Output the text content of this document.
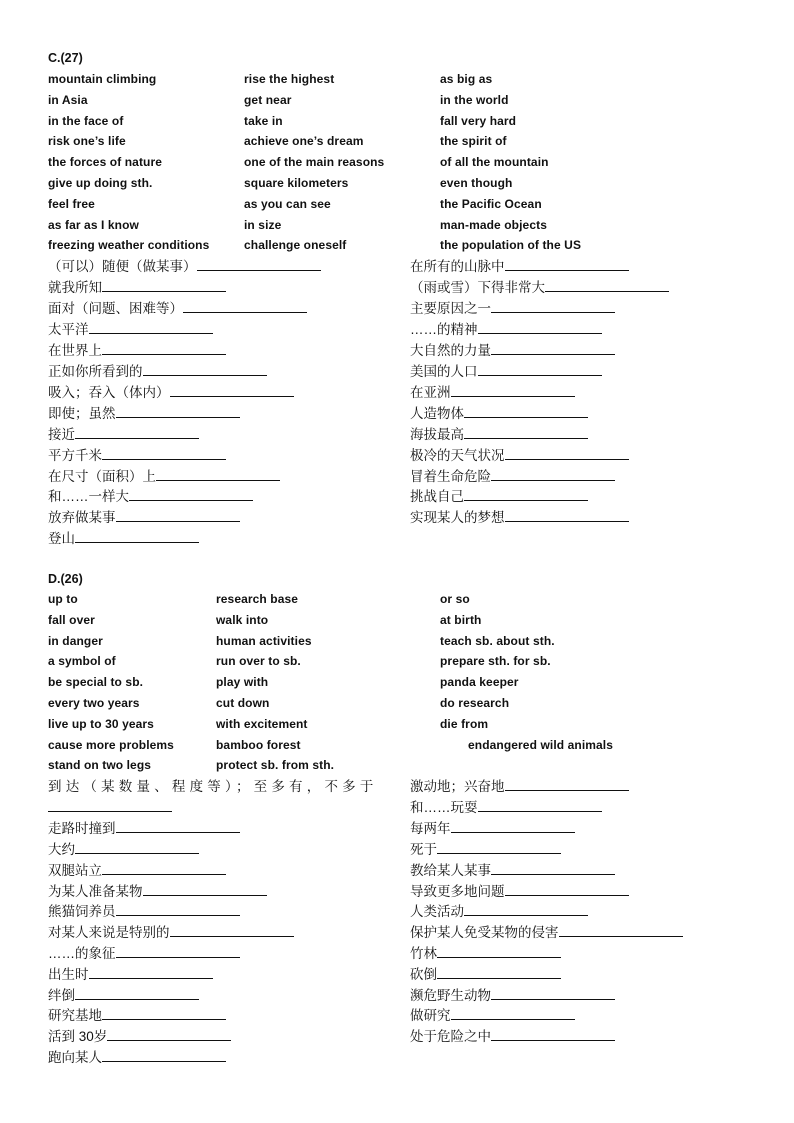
C.(27)
mountain climbing
in Asia
in the face of
risk one’s life
the forces of nature
give up doing sth.
feel free
as far as I know
freezing weather conditions
rise the highest
get near
take in
achieve one’s dream
one of the main reasons
square kilometers
as you can see
in size
challenge oneself
as big as
in the world
fall very hard
the spirit of
of all the mountain
even though
the Pacific Ocean
man-made objects
the population of the US
（可以）随便（做某事）
就我所知
面对（问题、困难等）
太平洋
在世界上
正如你所看到的
吸入；吞入（体内）
即使；虽然
接近
平方千米
在尺寸（面积）上
和……一样大
放弃做某事
登山
在所有的山脉中
（雨或雪）下得非常大
主要原因之一
……的精神
大自然的力量
美国的人口
在亚洲
人造物体
海拔最高
极冷的天气状况
冒着生命危险
挑战自己
实现某人的梦想
D.(26)
up to
fall over
in danger
a symbol of
be special to sb.
every two years
live up to 30 years
cause more problems
stand on two legs
research base
walk into
human activities
run over to sb.
play with
cut down
with excitement
bamboo forest
protect sb. from sth.
or so
at birth
teach sb. about sth.
prepare sth. for sb.
panda keeper
do research
die from
endangered wild animals
到达（某数量、程度等）；至多有，不多于
走路时撞到
大约
双腿站立
为某人准备某物
熊猫饲养员
对某人来说是特别的
……的象征
出生时
绊倒
研究基地
活到 30岁
跑向某人
激动地；兴奋地
和……玩耍
每两年
死于
教给某人某事
导致更多地问题
人类活动
保护某人免受某物的侵害
竹林
砍倒
濒危野生动物
做研究
处于危险之中
